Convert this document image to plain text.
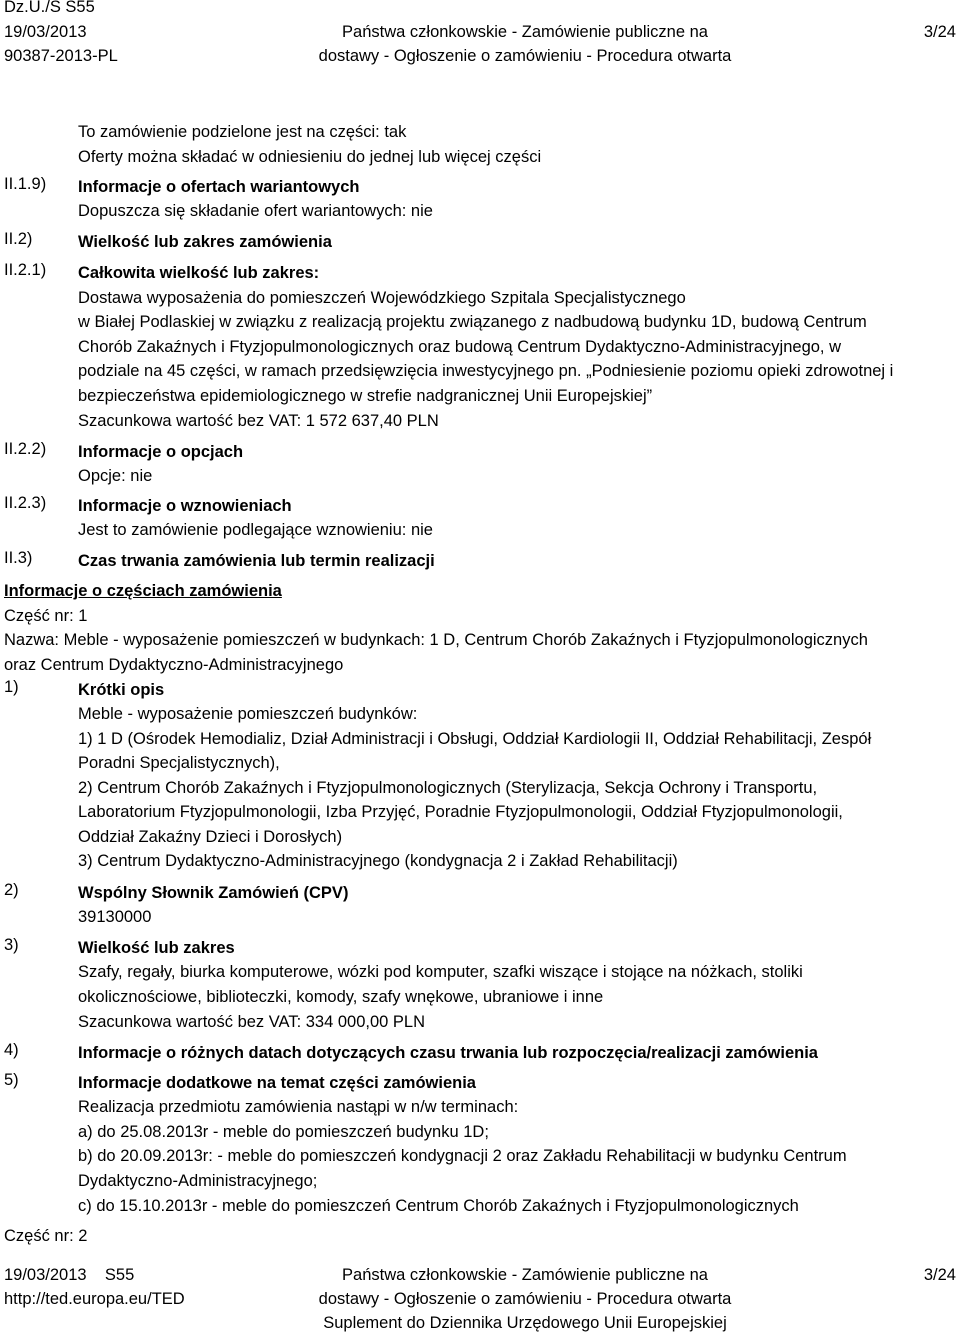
Dz.U./S S55
19/03/2013
90387-2013-PL
Państwa członkowskie - Zamówienie publiczne na
dostawy - Ogłoszenie o zamówieniu - Procedura otwarta
3/24
To zamówienie podzielone jest na części: tak
Oferty można składać w odniesieniu do jednej lub więcej części
II.1.9)	Informacje o ofertach wariantowych
Dopuszcza się składanie ofert wariantowych: nie
II.2)	Wielkość lub zakres zamówienia
II.2.1)	Całkowita wielkość lub zakres:
Dostawa wyposażenia do pomieszczeń Wojewódzkiego Szpitala Specjalistycznego
w Białej Podlaskiej w związku z realizacją projektu związanego z nadbudową budynku 1D, budową Centrum
Chorób Zakaźnych i Ftyzjopulmonologicznych oraz budową Centrum Dydaktyczno-Administracyjnego, w
podziale na 45 części, w ramach przedsięwzięcia inwestycyjnego pn. „Podniesienie poziomu opieki zdrowotnej i
bezpieczeństwa epidemiologicznego w strefie nadgranicznej Unii Europejskiej”
Szacunkowa wartość bez VAT: 1 572 637,40 PLN
II.2.2)	Informacje o opcjach
Opcje: nie
II.2.3)	Informacje o wznowieniach
Jest to zamówienie podlegające wznowieniu: nie
II.3)	Czas trwania zamówienia lub termin realizacji
Informacje o częściach zamówienia
Część nr: 1
Nazwa: Meble - wyposażenie pomieszczeń w budynkach: 1 D, Centrum Chorób Zakaźnych i Ftyzjopulmonologicznych
oraz Centrum Dydaktyczno-Administracyjnego
1)	Krótki opis
Meble - wyposażenie pomieszczeń budynków:
1) 1 D (Ośrodek Hemodializ, Dział Administracji i Obsługi, Oddział Kardiologii II, Oddział Rehabilitacji, Zespół
Poradni Specjalistycznych),
2) Centrum Chorób Zakaźnych i Ftyzjopulmonologicznych (Sterylizacja, Sekcja Ochrony i Transportu,
Laboratorium Ftyzjopulmonologii, Izba Przyjęć, Poradnie Ftyzjopulmonologii, Oddział Ftyzjopulmonologii,
Oddział Zakaźny Dzieci i Dorosłych)
3) Centrum Dydaktyczno-Administracyjnego (kondygnacja 2 i Zakład Rehabilitacji)
2)	Wspólny Słownik Zamówień (CPV)
39130000
3)	Wielkość lub zakres
Szafy, regały, biurka komputerowe, wózki pod komputer, szafki wiszące i stojące na nóżkach, stoliki
okolicznościowe, biblioteczki, komody, szafy wnękowe, ubraniowe i inne
Szacunkowa wartość bez VAT: 334 000,00 PLN
4)	Informacje o różnych datach dotyczących czasu trwania lub rozpoczęcia/realizacji zamówienia
5)	Informacje dodatkowe na temat części zamówienia
Realizacja przedmiotu zamówienia nastąpi w n/w terminach:
a) do 25.08.2013r - meble do pomieszczeń budynku 1D;
b) do 20.09.2013r: - meble do pomieszczeń kondygnacji 2 oraz Zakładu Rehabilitacji w budynku Centrum
Dydaktyczno-Administracyjnego;
c) do 15.10.2013r - meble do pomieszczeń Centrum Chorób Zakaźnych i Ftyzjopulmonologicznych
Część nr: 2
19/03/2013    S55
http://ted.europa.eu/TED
Państwa członkowskie - Zamówienie publiczne na
dostawy - Ogłoszenie o zamówieniu - Procedura otwarta
Suplement do Dziennika Urzędowego Unii Europejskiej
3/24
